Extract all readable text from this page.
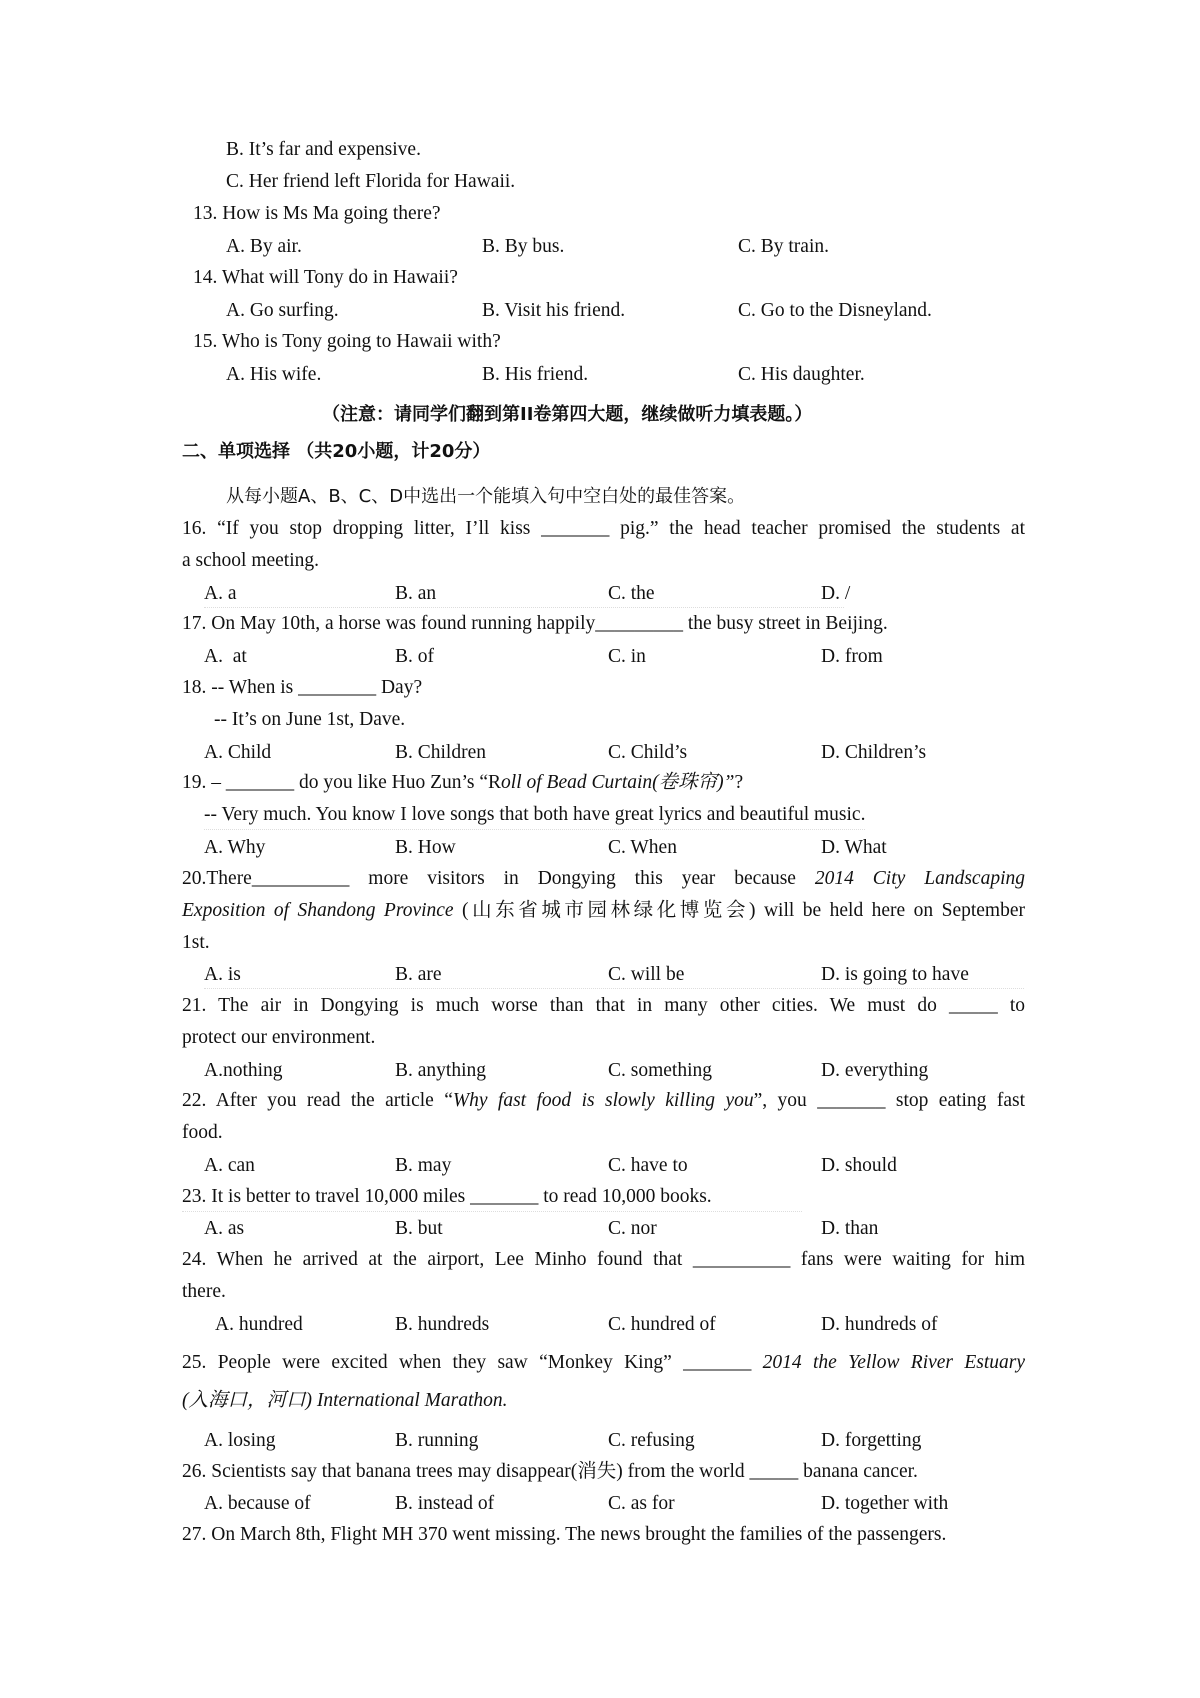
B. It’s far and expensive.
C. Her friend left Florida for Hawaii.
13. How is Ms Ma going there?
A. By air.	B. By bus.	C. By train.
14. What will Tony do in Hawaii?
A. Go surfing.	B. Visit his friend.	C. Go to the Disneyland.
15. Who is Tony going to Hawaii with?
A. His wife.	B. His friend.	C. His daughter.
（注意：请同学们翻到第II卷第四大题，继续做听力填表题。）
二、单项选择 （共20小题，计20分）
从每小题A、B、C、D中选出一个能填入句中空白处的最佳答案。
16. “If you stop dropping litter, I’ll kiss _______ pig.” the head teacher promised the students at
a school meeting.
A. a	B. an	C. the	D. /
17. On May 10th, a horse was found running happily_________ the busy street in Beijing.
A.  at	B. of	C. in	D. from
18. -- When is ________ Day?
-- It’s on June 1st, Dave.
A. Child	B. Children	C. Child’s	D. Children’s
19. – _______ do you like Huo Zun’s “Roll of Bead Curtain(卷珠帘)”?
-- Very much. You know I love songs that both have great lyrics and beautiful music.
A. Why	B. How	C. When	D. What
20.There__________ more visitors in Dongying this year because 2014 City Landscaping
Exposition of Shandong Province (山东省城市园林绿化博览会) will be held here on September
1st.
A. is	B. are	C. will be	D. is going to have
21. The air in Dongying is much worse than that in many other cities. We must do _____ to
protect our environment.
A.nothing	B. anything	C. something	D. everything
22. After you read the article “Why fast food is slowly killing you”, you _______ stop eating fast
food.
A. can	B. may	C. have to	D. should
23. It is better to travel 10,000 miles _______ to read 10,000 books.
A. as	B. but	C. nor	D. than
24. When he arrived at the airport, Lee Minho found that __________ fans were waiting for him
there.
A. hundred	B. hundreds	C. hundred of	D. hundreds of
25. People were excited when they saw “Monkey King” _______ 2014 the Yellow River Estuary
(入海口，河口) International Marathon.
A. losing	B. running	C. refusing	D. forgetting
26. Scientists say that banana trees may disappear(消失) from the world _____ banana cancer.
A. because of	B. instead of	C. as for	D. together with
27. On March 8th, Flight MH 370 went missing. The news brought the families of the passengers.
